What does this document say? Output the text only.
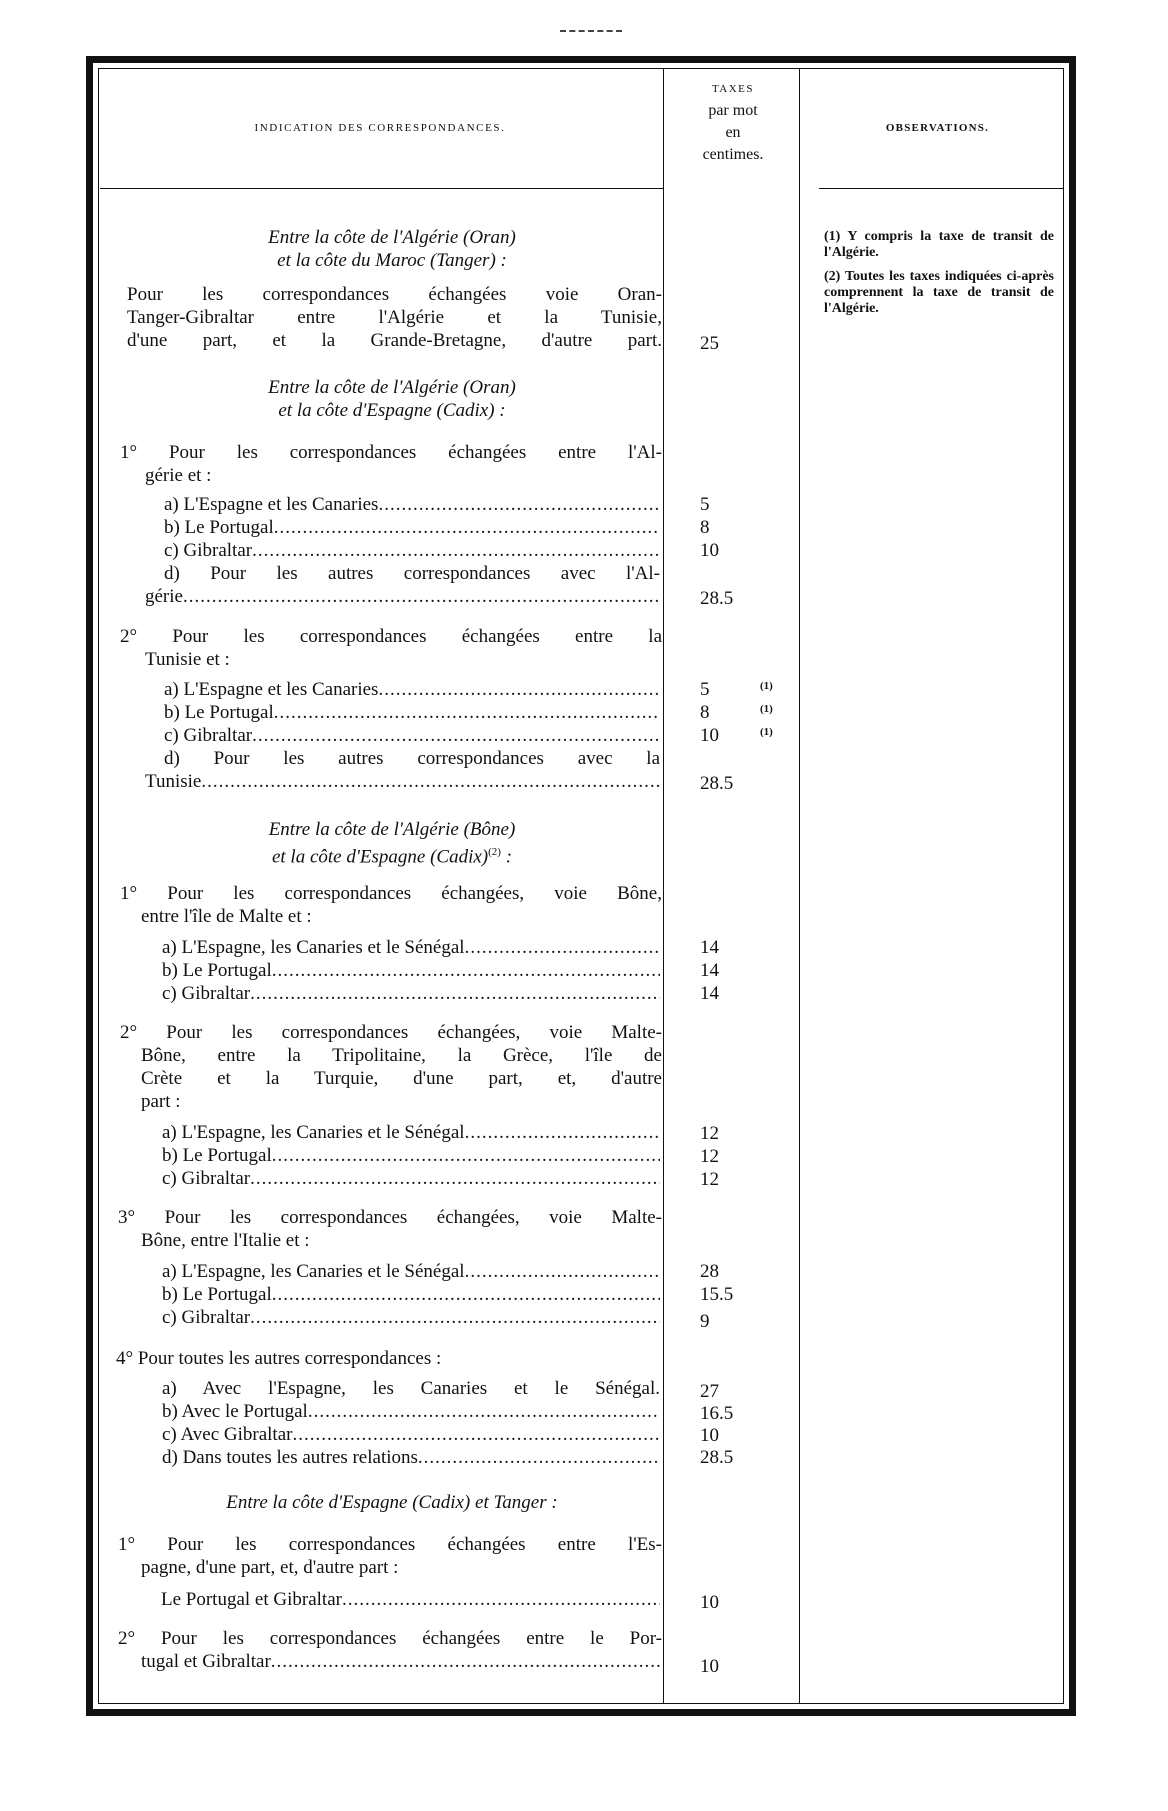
INDICATION DES CORRESPONDANCES.
TAXES
par mot
en
centimes.
OBSERVATIONS.

(1) Y compris la taxe de transit de l'Algérie.

(2) Toutes les taxes indiquées ci-après comprennent la taxe de transit de l'Algérie.

Entre la côte de l'Algérie (Oran)
et la côte du Maroc (Tanger) :
Pour les correspondances échangées voie Oran-
Tanger-Gibraltar entre l'Algérie et la Tunisie,
d'une part, et la Grande-Bretagne, d'autre part. 25
Entre la côte de l'Algérie (Oran)
et la côte d'Espagne (Cadix) :
1° Pour les correspondances échangées entre l'Al-
gérie et :
a) L'Espagne et les Canaries
.....
b) Le Portugal
.....
c) Gibraltar
.....
d) Pour les autres correspondances avec l'Al-
gérie
.....
5
8
10
28.5
2° Pour les correspondances échangées entre la
Tunisie et :
a) L'Espagne et les Canaries
.....
b) Le Portugal
.....
c) Gibraltar
.....
d) Pour les autres correspondances avec la
Tunisie
.....
5
8
10
28.5
(1)
(1)
(1)
Entre la côte de l'Algérie (Bône)
et la côte d'Espagne (Cadix)$^{(2)}$ :
1° Pour les correspondances échangées, voie Bône,
entre l'île de Malte et :
a) L'Espagne, les Canaries et le Sénégal
.....
b) Le Portugal
.....
c) Gibraltar
.....
14
14
14
2° Pour les correspondances échangées, voie Malte-
Bône, entre la Tripolitaine, la Grèce, l'île de
Crète et la Turquie, d'une part, et, d'autre
part :
a) L'Espagne, les Canaries et le Sénégal
.....
b) Le Portugal
.....
c) Gibraltar
.....
12
12
12
3° Pour les correspondances échangées, voie Malte-
Bône, entre l'Italie et :
a) L'Espagne, les Canaries et le Sénégal
.....
b) Le Portugal
.....
c) Gibraltar
.....
28
15.5
9
4° Pour toutes les autres correspondances :
a) Avec l'Espagne, les Canaries et le Sénégal.
b) Avec le Portugal
.....
c) Avec Gibraltar
.....
d) Dans toutes les autres relations
.....
27
16.5
10
28.5
Entre la côte d'Espagne (Cadix) et Tanger :
1° Pour les correspondances échangées entre l'Es-
pagne, d'une part, et, d'autre part :
Le Portugal et Gibraltar .....	10
2° Pour les correspondances échangées entre le Por-
tugal et Gibraltar .....	10
